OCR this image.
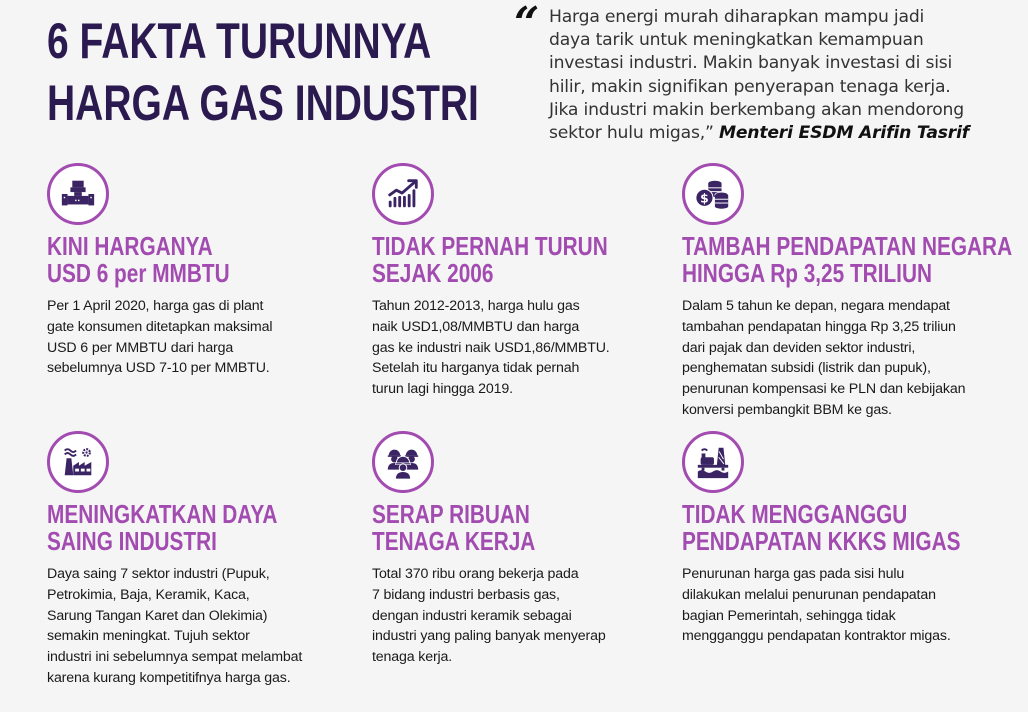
6 FAKTA TURUNNYA
HARGA GAS INDUSTRI
“ Harga energi murah diharapkan mampu jadi
daya tarik untuk meningkatkan kemampuan
investasi industri. Makin banyak investasi di sisi
hilir, makin signifikan penyerapan tenaga kerja.
Jika industri makin berkembang akan mendorong
sektor hulu migas,” Menteri ESDM Arifin Tasrif
KINI HARGANYA
USD 6 per MMBTU
Per 1 April 2020, harga gas di plant
gate konsumen ditetapkan maksimal
USD 6 per MMBTU dari harga
sebelumnya USD 7-10 per MMBTU.
TIDAK PERNAH TURUN
SEJAK 2006
Tahun 2012-2013, harga hulu gas
naik USD1,08/MMBTU dan harga
gas ke industri naik USD1,86/MMBTU.
Setelah itu harganya tidak pernah
turun lagi hingga 2019.
$
TAMBAH PENDAPATAN NEGARA
HINGGA Rp 3,25 TRILIUN
Dalam 5 tahun ke depan, negara mendapat
tambahan pendapatan hingga Rp 3,25 triliun
dari pajak dan deviden sektor industri,
penghematan subsidi (listrik dan pupuk),
penurunan kompensasi ke PLN dan kebijakan
konversi pembangkit BBM ke gas.
MENINGKATKAN DAYA
SAING INDUSTRI
Daya saing 7 sektor industri (Pupuk,
Petrokimia, Baja, Keramik, Kaca,
Sarung Tangan Karet dan Olekimia)
semakin meningkat. Tujuh sektor
industri ini sebelumnya sempat melambat
karena kurang kompetitifnya harga gas.
SERAP RIBUAN
TENAGA KERJA
Total 370 ribu orang bekerja pada
7 bidang industri berbasis gas,
dengan industri keramik sebagai
industri yang paling banyak menyerap
tenaga kerja.
TIDAK MENGGANGGU
PENDAPATAN KKKS MIGAS
Penurunan harga gas pada sisi hulu
dilakukan melalui penurunan pendapatan
bagian Pemerintah, sehingga tidak
mengganggu pendapatan kontraktor migas.
